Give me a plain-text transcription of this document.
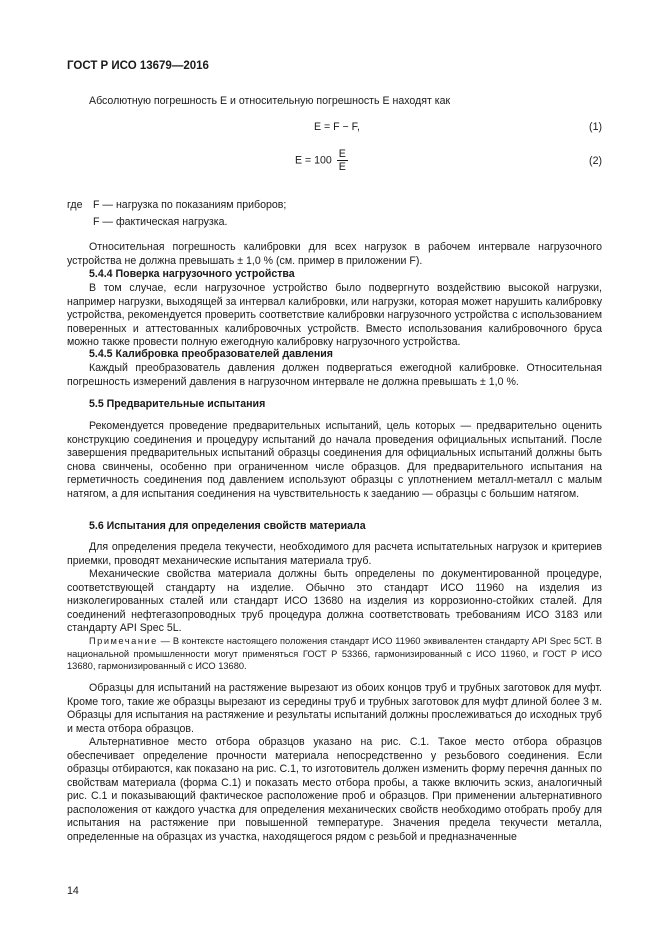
ГОСТ Р ИСО 13679—2016

Абсолютную погрешность E и относительную погрешность E находят как

E = F − F,	(1)
$E = 100 \frac{E}{E}$	(2)
где F — нагрузка по показаниям приборов;
F — фактическая нагрузка.

Относительная погрешность калибровки для всех нагрузок в рабочем интервале нагрузочного устройства не должна превышать ± 1,0 % (см. пример в приложении F).

5.4.4 Поверка нагрузочного устройства

В том случае, если нагрузочное устройство было подвергнуто воздействию высокой нагрузки, например нагрузки, выходящей за интервал калибровки, или нагрузки, которая может нарушить калибровку устройства, рекомендуется проверить соответствие калибровки нагрузочного устройства с использованием поверенных и аттестованных калибровочных устройств. Вместо использования калибровочного бруса можно также провести полную ежегодную калибровку нагрузочного устройства.

5.4.5 Калибровка преобразователей давления

Каждый преобразователь давления должен подвергаться ежегодной калибровке. Относительная погрешность измерений давления в нагрузочном интервале не должна превышать ± 1,0 %.

5.5 Предварительные испытания

Рекомендуется проведение предварительных испытаний, цель которых — предварительно оценить конструкцию соединения и процедуру испытаний до начала проведения официальных испытаний. После завершения предварительных испытаний образцы соединения для официальных испытаний должны быть снова свинчены, особенно при ограниченном числе образцов. Для предварительного испытания на герметичность соединения под давлением используют образцы с уплотнением металл-металл с малым натягом, а для испытания соединения на чувствительность к заеданию — образцы с большим натягом.

5.6 Испытания для определения свойств материала

Для определения предела текучести, необходимого для расчета испытательных нагрузок и критериев приемки, проводят механические испытания материала труб.

Механические свойства материала должны быть определены по документированной процедуре, соответствующей стандарту на изделие. Обычно это стандарт ИСО 11960 на изделия из низколегированных сталей или стандарт ИСО 13680 на изделия из коррозионно-стойких сталей. Для соединений нефтегазопроводных труб процедура должна соответствовать требованиям ИСО 3183 или стандарту API Spec 5L.

Примечание — В контексте настоящего положения стандарт ИСО 11960 эквивалентен стандарту API Spec 5CT. В национальной промышленности могут применяться ГОСТ Р 53366, гармонизированный с ИСО 11960, и ГОСТ Р ИСО 13680, гармонизированный с ИСО 13680.

Образцы для испытаний на растяжение вырезают из обоих концов труб и трубных заготовок для муфт. Кроме того, такие же образцы вырезают из середины труб и трубных заготовок для муфт длиной более 3 м. Образцы для испытания на растяжение и результаты испытаний должны прослеживаться до исходных труб и места отбора образцов.

Альтернативное место отбора образцов указано на рис. С.1. Такое место отбора образцов обеспечивает определение прочности материала непосредственно у резьбового соединения. Если образцы отбираются, как показано на рис. С.1, то изготовитель должен изменить форму перечня данных по свойствам материала (форма С.1) и показать место отбора пробы, а также включить эскиз, аналогичный рис. С.1 и показывающий фактическое расположение проб и образцов. При применении альтернативного расположения от каждого участка для определения механических свойств необходимо отобрать пробу для испытания на растяжение при повышенной температуре. Значения предела текучести металла, определенные на образцах из участка, находящегося рядом с резьбой и предназначенные

14
